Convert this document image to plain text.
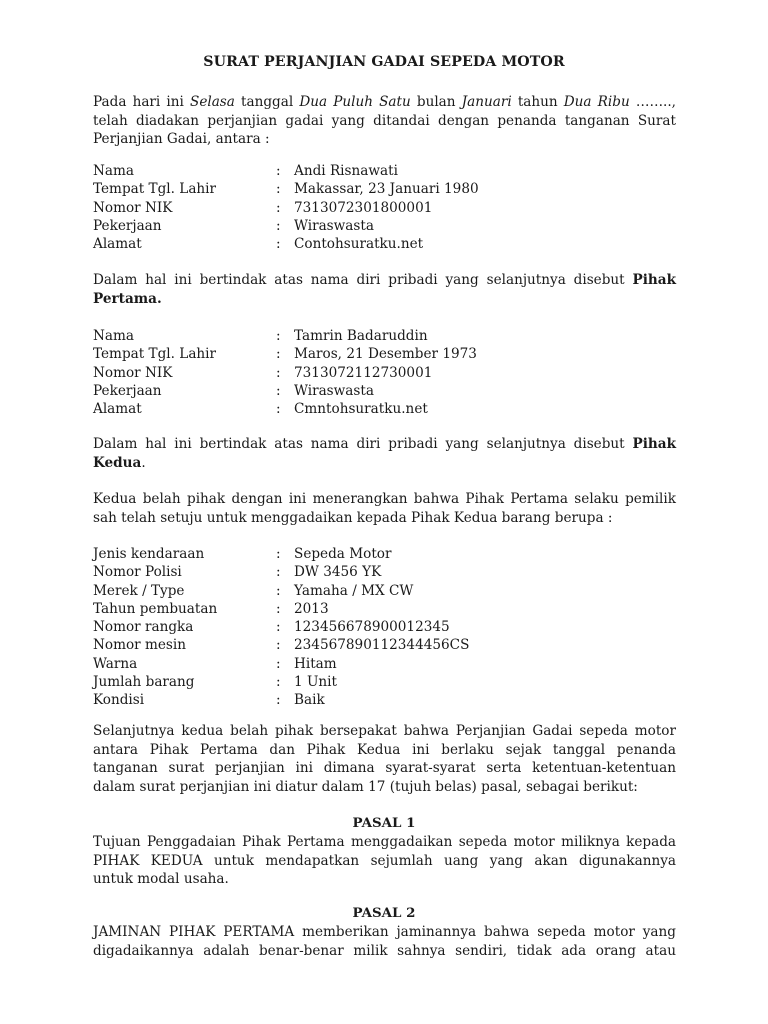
SURAT PERJANJIAN GADAI SEPEDA MOTOR
Pada hari ini Selasa tanggal Dua Puluh Satu bulan Januari tahun Dua Ribu ……..,
telah diadakan perjanjian gadai yang ditandai dengan penanda tanganan Surat
Perjanjian Gadai, antara :
Nama	: Andi Risnawati
Tempat Tgl. Lahir	: Makassar, 23 Januari 1980
Nomor NIK	: 7313072301800001
Pekerjaan	: Wiraswasta
Alamat	: Contohsuratku.net
Dalam hal ini bertindak atas nama diri pribadi yang selanjutnya disebut Pihak
Pertama.
Nama	: Tamrin Badaruddin
Tempat Tgl. Lahir	: Maros, 21 Desember 1973
Nomor NIK	: 7313072112730001
Pekerjaan	: Wiraswasta
Alamat	: Cmntohsuratku.net
Dalam hal ini bertindak atas nama diri pribadi yang selanjutnya disebut Pihak
Kedua.
Kedua belah pihak dengan ini menerangkan bahwa Pihak Pertama selaku pemilik
sah telah setuju untuk menggadaikan kepada Pihak Kedua barang berupa :
Jenis kendaraan	: Sepeda Motor
Nomor Polisi	: DW 3456 YK
Merek / Type	: Yamaha / MX CW
Tahun pembuatan	: 2013
Nomor rangka	: 123456678900012345
Nomor mesin	: 234567890112344456CS
Warna	: Hitam
Jumlah barang	: 1 Unit
Kondisi	: Baik
Selanjutnya kedua belah pihak bersepakat bahwa Perjanjian Gadai sepeda motor
antara Pihak Pertama dan Pihak Kedua ini berlaku sejak tanggal penanda
tanganan surat perjanjian ini dimana syarat-syarat serta ketentuan-ketentuan
dalam surat perjanjian ini diatur dalam 17 (tujuh belas) pasal, sebagai berikut:
PASAL 1
Tujuan Penggadaian Pihak Pertama menggadaikan sepeda motor miliknya kepada
PIHAK KEDUA untuk mendapatkan sejumlah uang yang akan digunakannya
untuk modal usaha.
PASAL 2
JAMINAN PIHAK PERTAMA memberikan jaminannya bahwa sepeda motor yang
digadaikannya adalah benar-benar milik sahnya sendiri, tidak ada orang atau
